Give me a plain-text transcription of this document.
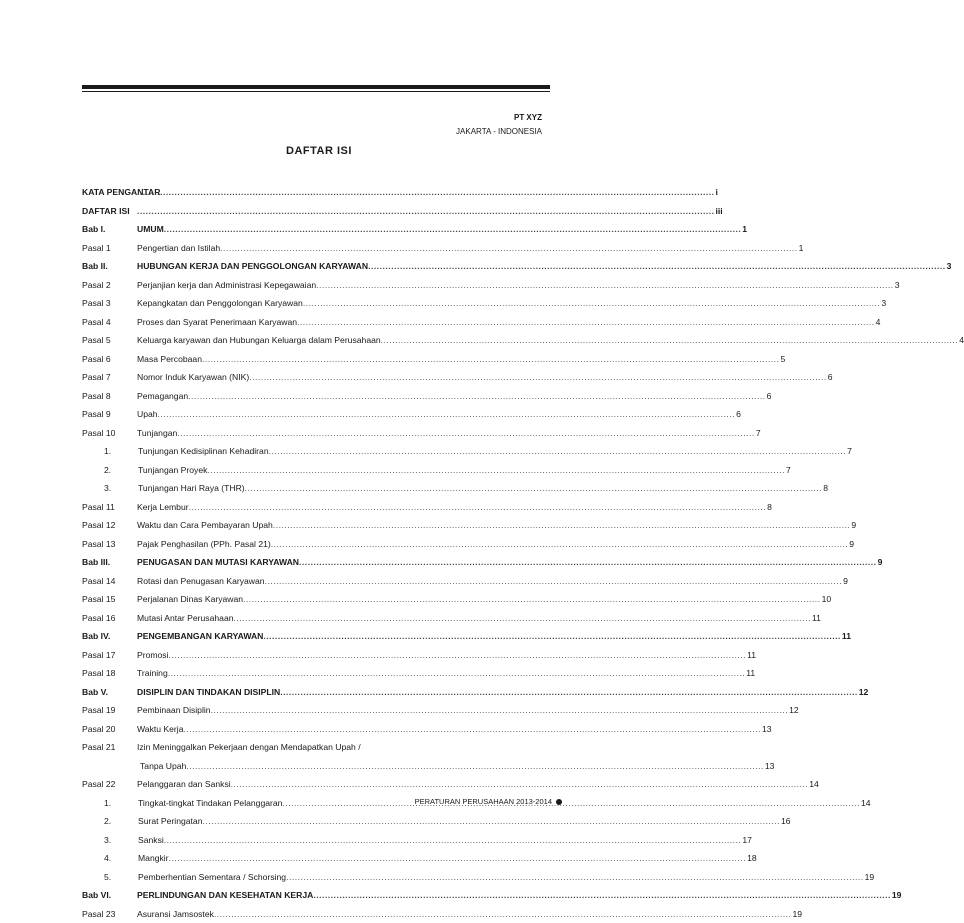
PT XYZ
JAKARTA - INDONESIA
DAFTAR ISI
KATA PENGANTAR .....	i
DAFTAR ISI .....	iii
Bab I.	UMUM .....	1
Pasal 1	Pengertian dan Istilah .....	1
Bab II.	HUBUNGAN KERJA DAN PENGGOLONGAN KARYAWAN .....	3
Pasal 2	Perjanjian kerja dan Administrasi Kepegawaian .....	3
Pasal 3	Kepangkatan dan Penggolongan Karyawan .....	3
Pasal 4	Proses dan Syarat Penerimaan Karyawan .....	4
Pasal 5	Keluarga karyawan dan Hubungan Keluarga dalam Perusahaan .....	4
Pasal 6	Masa Percobaan .....	5
Pasal 7	Nomor Induk Karyawan (NIK) .....	6
Pasal 8	Pemagangan .....	6
Pasal 9	Upah .....	6
Pasal 10	Tunjangan .....	7
1.	Tunjungan Kedisiplinan Kehadiran .....	7
2.	Tunjangan Proyek .....	7
3.	Tunjangan Hari Raya (THR) .....	8
Pasal 11	Kerja Lembur .....	8
Pasal 12	Waktu dan Cara Pembayaran Upah .....	9
Pasal 13	Pajak Penghasilan (PPh. Pasal 21) .....	9
Bab III.	PENUGASAN DAN MUTASI KARYAWAN .....	9
Pasal 14	Rotasi dan Penugasan Karyawan .....	9
Pasal 15	Perjalanan Dinas Karyawan .....	10
Pasal 16	Mutasi Antar Perusahaan .....	11
Bab IV.	PENGEMBANGAN KARYAWAN .....	11
Pasal 17	Promosi .....	11
Pasal 18	Training .....	11
Bab V.	DISIPLIN DAN TINDAKAN DISIPLIN .....	12
Pasal 19	Pembinaan Disiplin .....	12
Pasal 20	Waktu Kerja .....	13
Pasal 21	Izin Meninggalkan Pekerjaan dengan Mendapatkan Upah /
Tanpa Upah .....	13
Pasal 22	Pelanggaran dan Sanksi .....	14
1.	Tingkat-tingkat Tindakan Pelanggaran .....	14
2.	Surat Peringatan .....	16
3.	Sanksi .....	17
4.	Mangkir .....	18
5.	Pemberhentian Sementara / Schorsing .....	19
Bab VI.	PERLINDUNGAN DAN KESEHATAN KERJA .....	19
Pasal 23	Asuransi Jamsostek .....	19
PERATURAN PERUSAHAAN 2013-2014
